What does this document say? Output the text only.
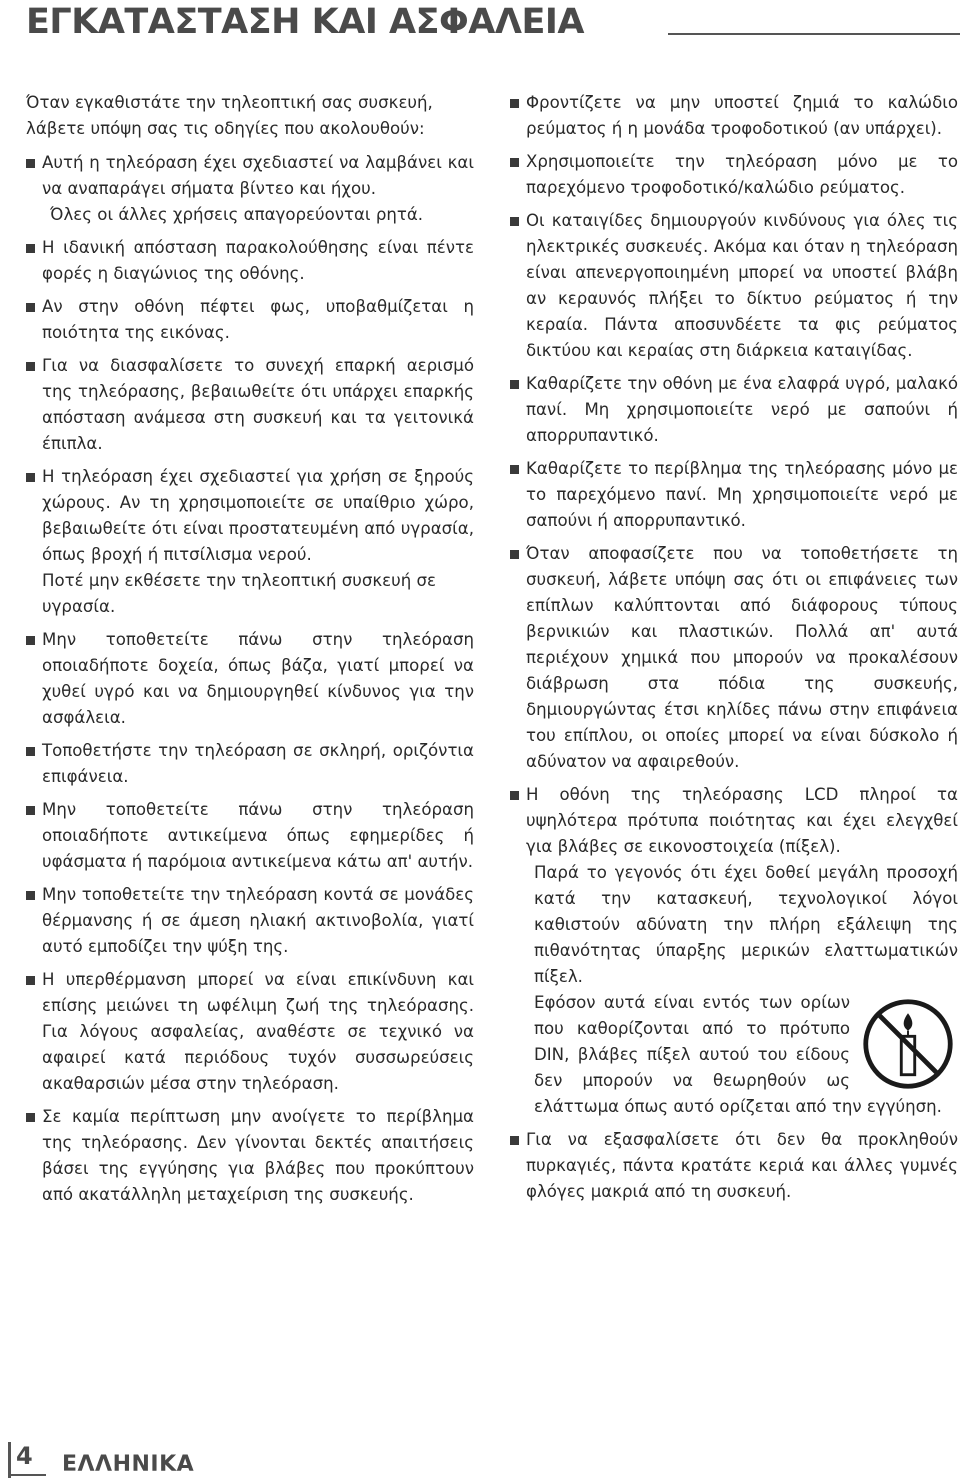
ΕΓΚΑΤΑΣΤΑΣΗ ΚΑΙ ΑΣΦΑΛΕΙΑ

Όταν εγκαθιστάτε την τηλεοπτική σας συσκευή, λάβετε υπόψη σας τις οδηγίες που ακολουθούν:

Αυτή η τηλεόραση έχει σχεδιαστεί να λαμβάνει και να αναπαράγει σήματα βίντεο και ήχου.
Όλες οι άλλες χρήσεις απαγορεύονται ρητά.
Η ιδανική απόσταση παρακολούθησης είναι πέντε φορές η διαγώνιος της οθόνης.
Αν στην οθόνη πέφτει φως, υποβαθμίζεται η ποιότητα της εικόνας.
Για να διασφαλίσετε το συνεχή επαρκή αερισμό της τηλεόρασης, βεβαιωθείτε ότι υπάρχει επαρκής απόσταση ανάμεσα στη συσκευή και τα γειτονικά έπιπλα.
Η τηλεόραση έχει σχεδιαστεί για χρήση σε ξηρούς χώρους. Αν τη χρησιμοποιείτε σε υπαίθριο χώρο, βεβαιωθείτε ότι είναι προστατευμένη από υγρασία, όπως βροχή ή πιτσίλισμα νερού.
Ποτέ μην εκθέσετε την τηλεοπτική συσκευή σε υγρασία.
Μην τοποθετείτε πάνω στην τηλεόραση οποιαδήποτε δοχεία, όπως βάζα, γιατί μπορεί να χυθεί υγρό και να δημιουργηθεί κίνδυνος για την ασφάλεια.
Τοποθετήστε την τηλεόραση σε σκληρή, οριζόντια επιφάνεια.
Μην τοποθετείτε πάνω στην τηλεόραση οποιαδήποτε αντικείμενα όπως εφημερίδες ή υφάσματα ή παρόμοια αντικείμενα κάτω απ' αυτήν.
Μην τοποθετείτε την τηλεόραση κοντά σε μονάδες θέρμανσης ή σε άμεση ηλιακή ακτινοβολία, γιατί αυτό εμποδίζει την ψύξη της.
Η υπερθέρμανση μπορεί να είναι επικίνδυνη και επίσης μειώνει τη ωφέλιμη ζωή της τηλεόρασης. Για λόγους ασφαλείας, αναθέστε σε τεχνικό να αφαιρεί κατά περιόδους τυχόν συσσωρεύσεις ακαθαρσιών μέσα στην τηλεόραση.
Σε καμία περίπτωση μην ανοίγετε το περίβλημα της τηλεόρασης. Δεν γίνονται δεκτές απαιτήσεις βάσει της εγγύησης για βλάβες που προκύπτουν από ακατάλληλη μεταχείριση της συσκευής.
Φροντίζετε να μην υποστεί ζημιά το καλώδιο ρεύματος ή η μονάδα τροφοδοτικού (αν υπάρχει).
Χρησιμοποιείτε την τηλεόραση μόνο με το παρεχόμενο τροφοδοτικό/καλώδιο ρεύματος.
Οι καταιγίδες δημιουργούν κινδύνους για όλες τις ηλεκτρικές συσκευές. Ακόμα και όταν η τηλεόραση είναι απενεργοποιημένη μπορεί να υποστεί βλάβη αν κεραυνός πλήξει το δίκτυο ρεύματος ή την κεραία. Πάντα αποσυνδέετε τα φις ρεύματος δικτύου και κεραίας στη διάρκεια καταιγίδας.
Καθαρίζετε την οθόνη με ένα ελαφρά υγρό, μαλακό πανί. Μη χρησιμοποιείτε νερό με σαπούνι ή απορρυπαντικό.
Καθαρίζετε το περίβλημα της τηλεόρασης μόνο με το παρεχόμενο πανί. Μη χρησιμοποιείτε νερό με σαπούνι ή απορρυπαντικό.
Όταν αποφασίζετε που να τοποθετήσετε τη συσκευή, λάβετε υπόψη σας ότι οι επιφάνειες των επίπλων καλύπτονται από διάφορους τύπους βερνικιών και πλαστικών. Πολλά απ' αυτά περιέχουν χημικά που μπορούν να προκαλέσουν διάβρωση στα πόδια της συσκευής, δημιουργώντας έτσι κηλίδες πάνω στην επιφάνεια του επίπλου, οι οποίες μπορεί να είναι δύσκολο ή αδύνατον να αφαιρεθούν.
Η οθόνη της τηλεόρασης LCD πληροί τα υψηλότερα πρότυπα ποιότητας και έχει ελεγχθεί για βλάβες σε εικονοστοιχεία (πίξελ).
Παρά το γεγονός ότι έχει δοθεί μεγάλη προσοχή κατά την κατασκευή, τεχνολογικοί λόγοι καθιστούν αδύνατη την πλήρη εξάλειψη της πιθανότητας ύπαρξης μερικών ελαττωματικών πίξελ.
Εφόσον αυτά είναι εντός των ορίων που καθορίζονται από το πρότυπο DIN, βλάβες πίξελ αυτού του είδους δεν μπορούν να θεωρηθούν ως ελάττωμα όπως αυτό ορίζεται από την εγγύηση.
Για να εξασφαλίσετε ότι δεν θα προκληθούν πυρκαγιές, πάντα κρατάτε κεριά και άλλες γυμνές φλόγες μακριά από τη συσκευή.
4 ΕΛΛΗΝΙΚΑ
